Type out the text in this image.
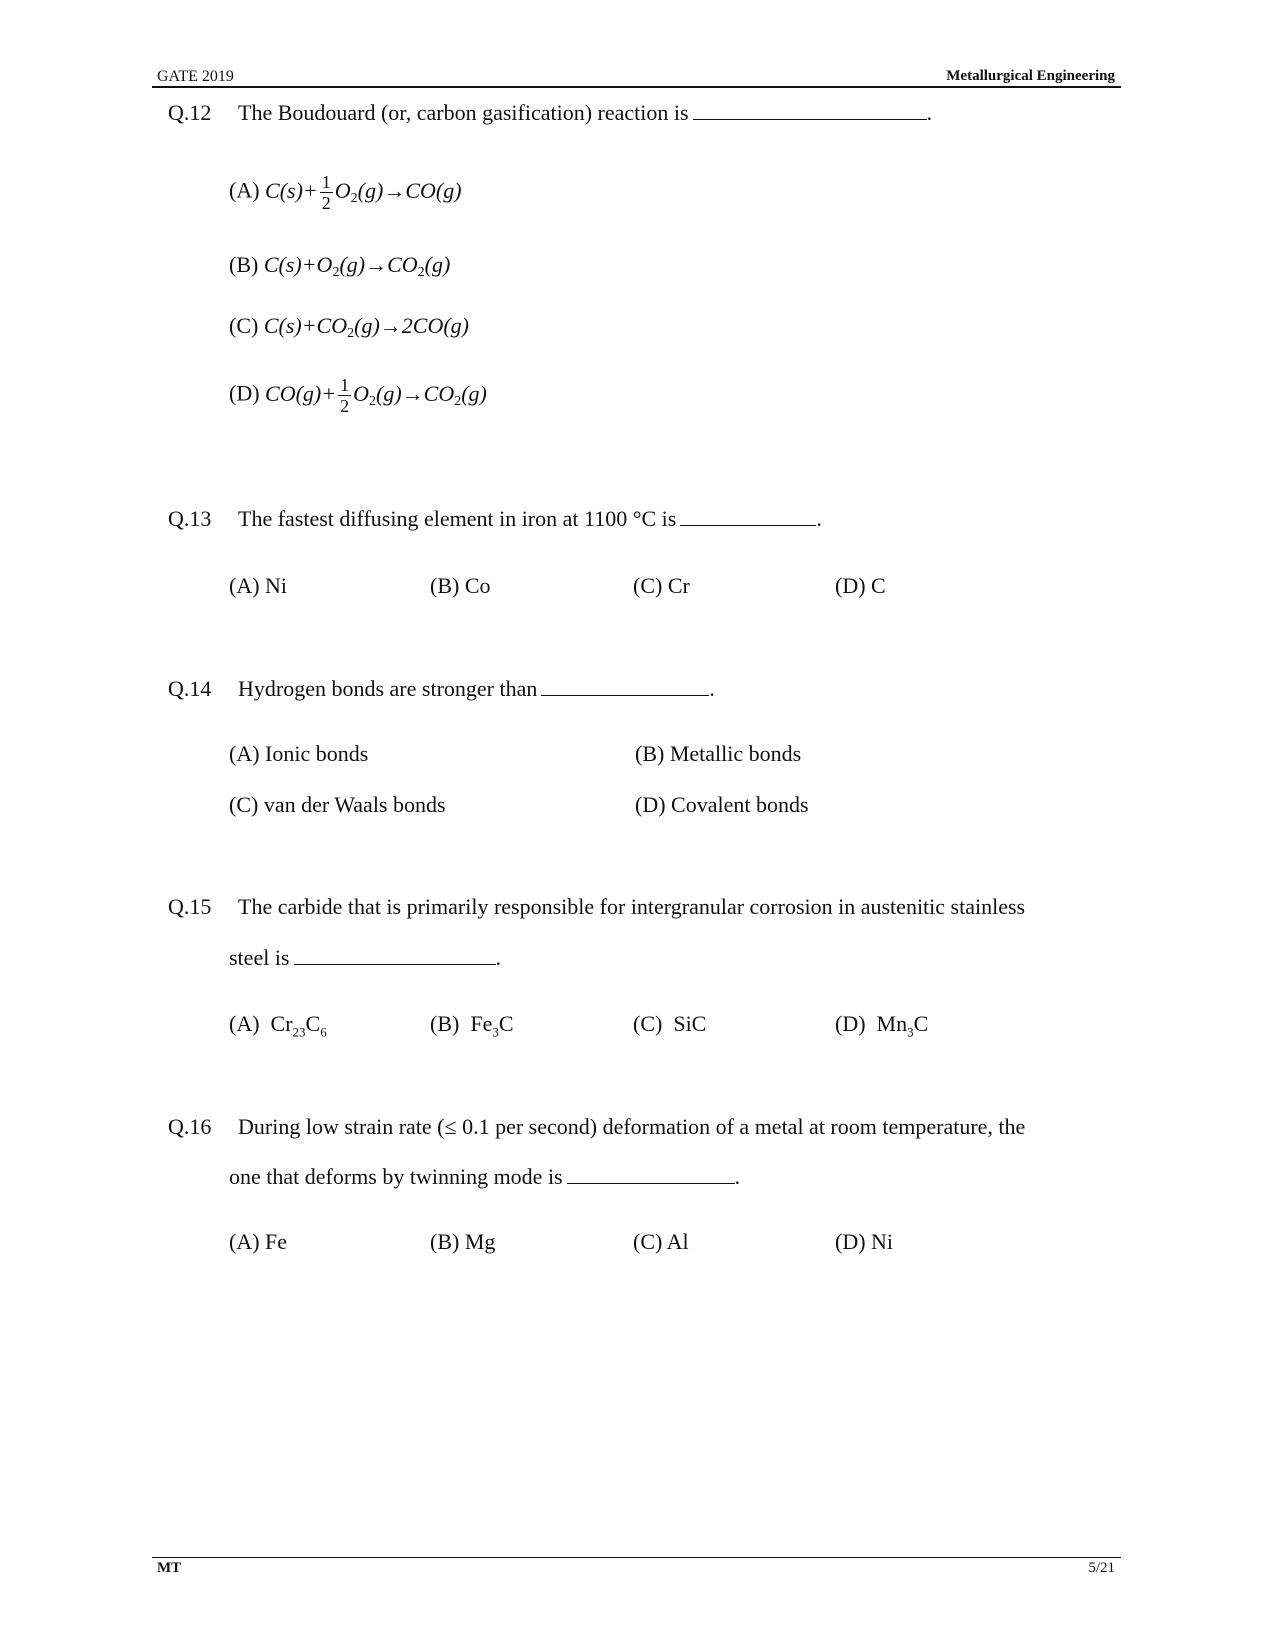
GATE 2019	Metallurgical Engineering
Q.12 The Boudouard (or, carbon gasification) reaction is	.
(A) $C(s)+ \frac{1}{2} O2(g)\to CO(g)$
(B) C(s)+O2(g)→CO2(g)
(C) C(s)+CO2(g)→2CO(g)
(D) $CO(g)+ \frac{1}{2} O2(g)\to CO2(g)$
Q.13 The fastest diffusing element in iron at 1100 °C is	.
(A) Ni	(B) Co	(C) Cr	(D) C
Q.14 Hydrogen bonds are stronger than	.
(A) Ionic bonds	(B) Metallic bonds
(C) van der Waals bonds	(D) Covalent bonds
Q.15 The carbide that is primarily responsible for intergranular corrosion in austenitic stainless
steel is	.
(A) $Cr_{23}C_6$	(B) $Fe_3C$	(C) SiC	(D) $Mn_3C$
Q.16 During low strain rate (≤ 0.1 per second) deformation of a metal at room temperature, the
one that deforms by twinning mode is	.
(A) Fe	(B) Mg	(C) Al	(D) Ni
MT	5/21
